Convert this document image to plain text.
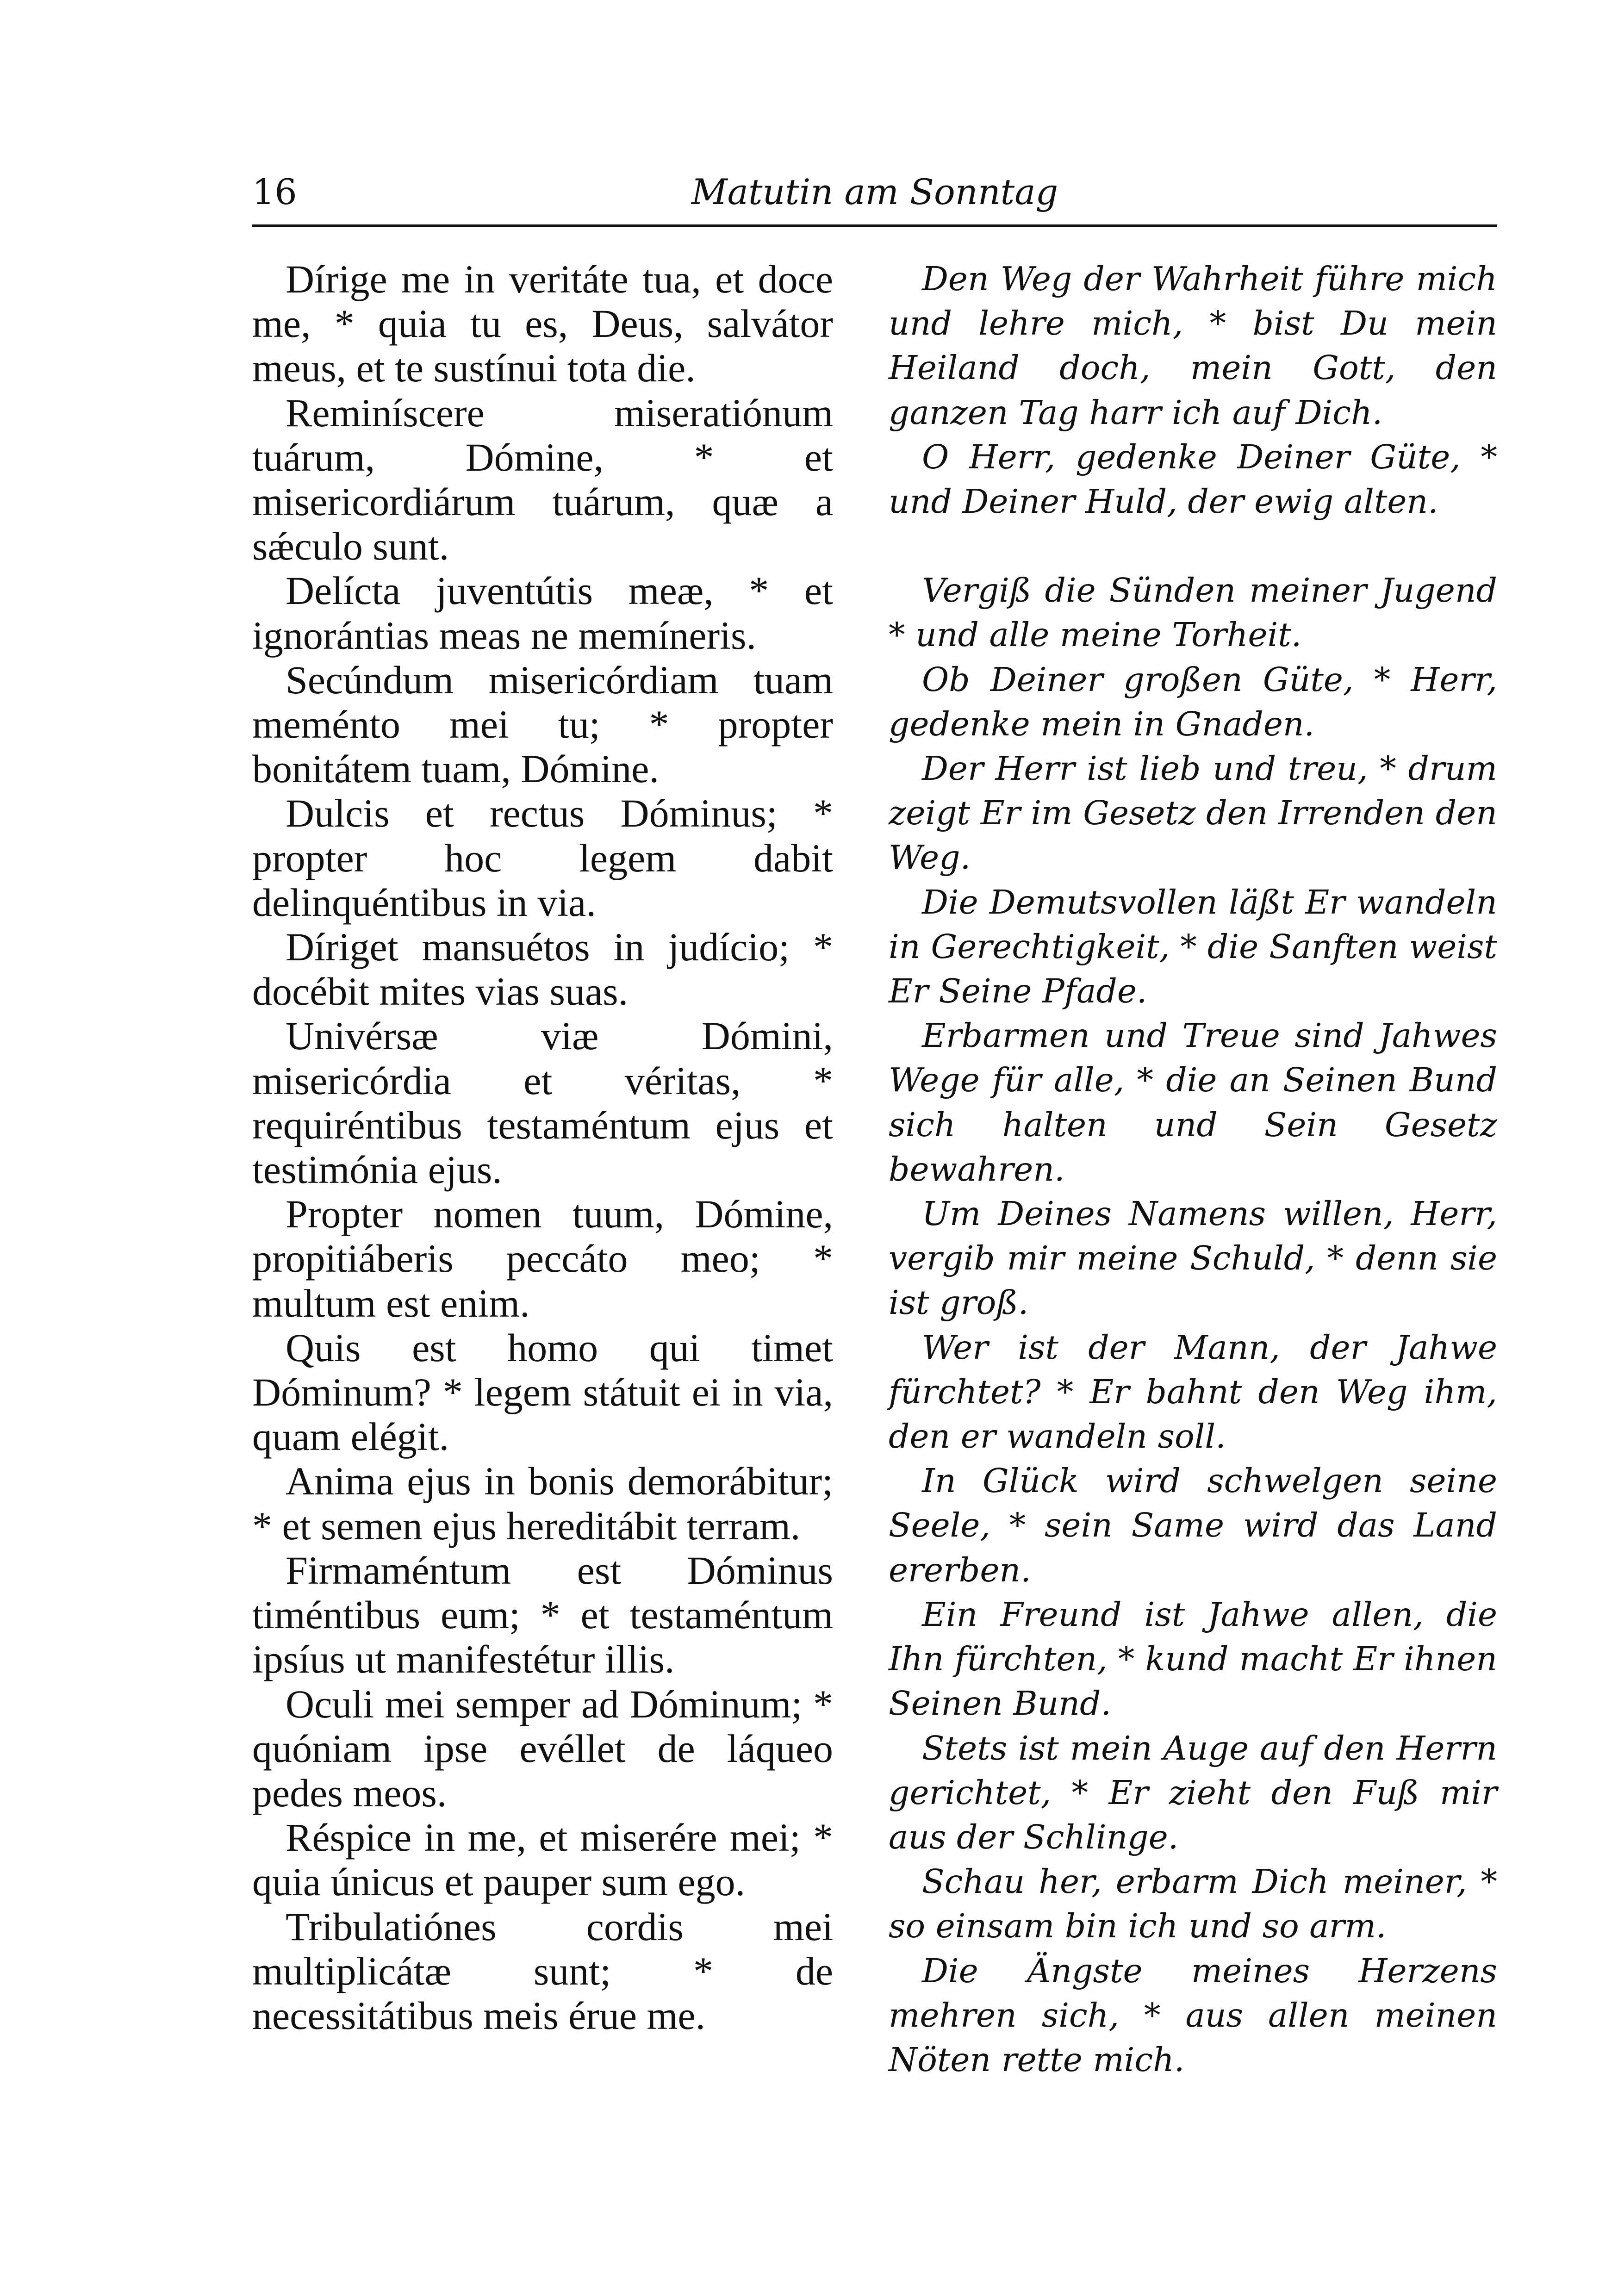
16	Matutin am Sonntag

Dírige me in veritáte tua, et doce me, * quia tu es, Deus, salvátor meus, et te sustínui tota die.

Reminíscere miseratiónum tuárum, Dómine, * et misericordiárum tuárum, quæ a sǽculo sunt.

Delícta juventútis meæ, * et ignorántias meas ne memíneris.

Secúndum misericórdiam tuam meménto mei tu; * propter bonitátem tuam, Dómine.

Dulcis et rectus Dóminus; * propter hoc legem dabit delinquéntibus in via.

Díriget mansuétos in judício; * docébit mites vias suas.

Univérsæ viæ Dómini, misericórdia et véritas, * requiréntibus testaméntum ejus et testimónia ejus.

Propter nomen tuum, Dómine, propitiáberis peccáto meo; * multum est enim.

Quis est homo qui timet Dóminum? * legem státuit ei in via, quam elégit.

Anima ejus in bonis demorábitur; * et semen ejus hereditábit terram.

Firmaméntum est Dóminus timéntibus eum; * et testaméntum ipsíus ut manifestétur illis.

Oculi mei semper ad Dóminum; * quóniam ipse evéllet de láqueo pedes meos.

Réspice in me, et miserére mei; * quia únicus et pauper sum ego.

Tribulatiónes cordis mei multiplicátæ sunt; * de necessitátibus meis érue me.

Den Weg der Wahrheit führe mich und lehre mich, * bist Du mein Heiland doch, mein Gott, den ganzen Tag harr ich auf Dich.

O Herr, gedenke Deiner Güte, * und Deiner Huld, der ewig alten.

Vergiß die Sünden meiner Jugend * und alle meine Torheit.

Ob Deiner großen Güte, * Herr, gedenke mein in Gnaden.

Der Herr ist lieb und treu, * drum zeigt Er im Gesetz den Irrenden den Weg.

Die Demutsvollen läßt Er wandeln in Gerechtigkeit, * die Sanften weist Er Seine Pfade.

Erbarmen und Treue sind Jahwes Wege für alle, * die an Seinen Bund sich halten und Sein Gesetz bewahren.

Um Deines Namens willen, Herr, vergib mir meine Schuld, * denn sie ist groß.

Wer ist der Mann, der Jahwe fürchtet? * Er bahnt den Weg ihm, den er wandeln soll.

In Glück wird schwelgen seine Seele, * sein Same wird das Land ererben.

Ein Freund ist Jahwe allen, die Ihn fürchten, * kund macht Er ihnen Seinen Bund.

Stets ist mein Auge auf den Herrn gerichtet, * Er zieht den Fuß mir aus der Schlinge.

Schau her, erbarm Dich meiner, * so einsam bin ich und so arm.

Die Ängste meines Herzens mehren sich, * aus allen meinen Nöten rette mich.
